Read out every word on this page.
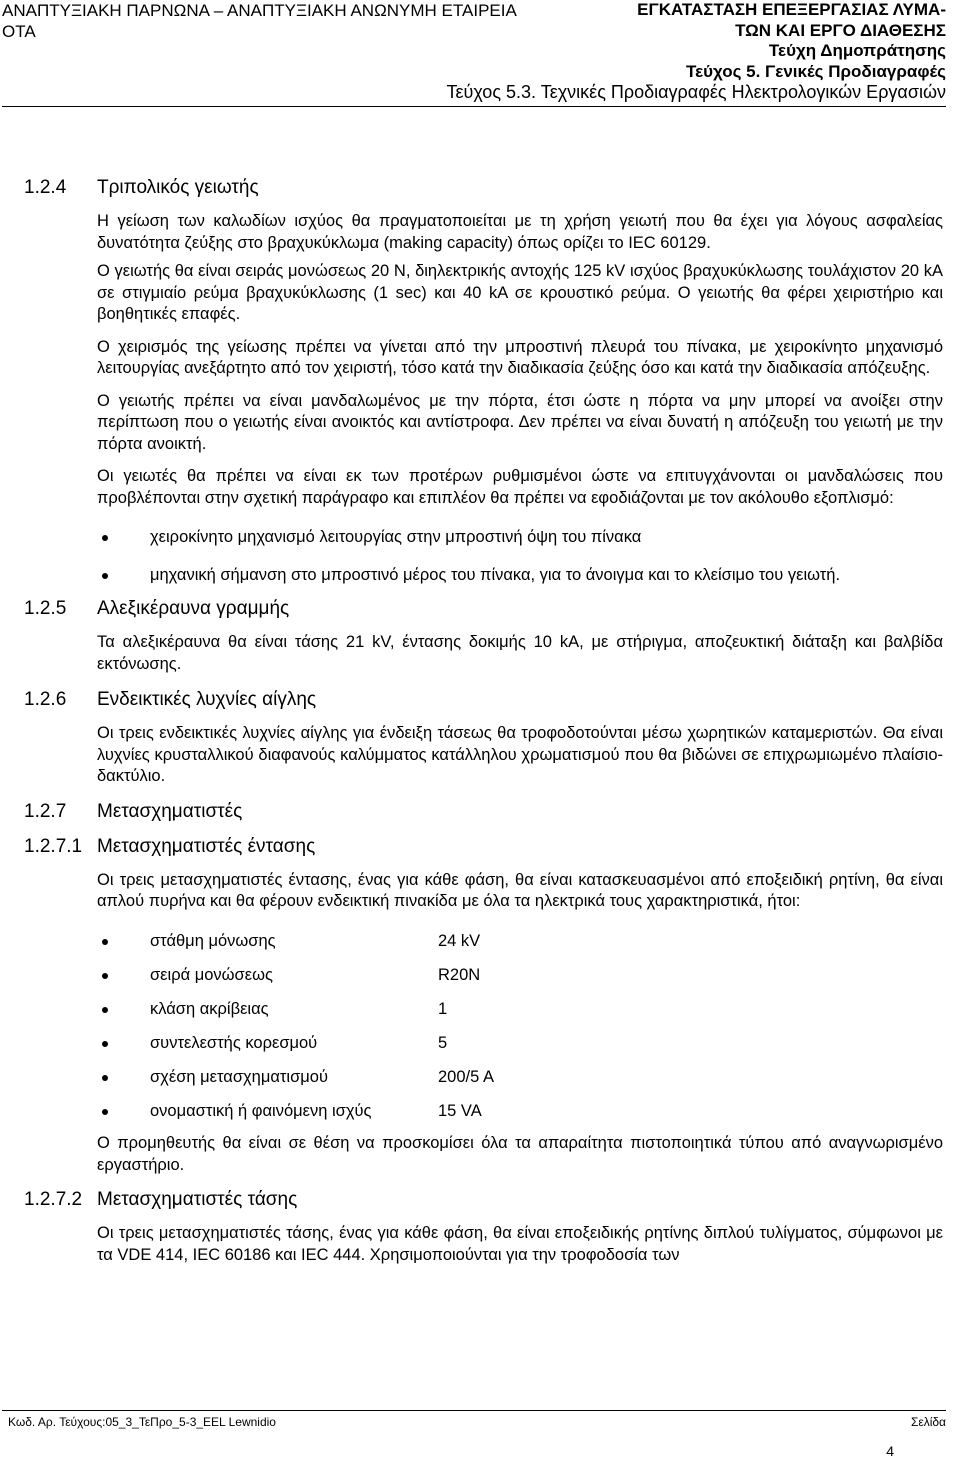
ΑΝΑΠΤΥΞΙΑΚΗ ΠΑΡΝΩΝΑ – ΑΝΑΠΤΥΞΙΑΚΗ ΑΝΩΝΥΜΗ ΕΤΑΙΡΕΙΑ
ΟΤΑ
ΕΓΚΑΤΑΣΤΑΣΗ ΕΠΕΞΕΡΓΑΣΙΑΣ ΛΥΜΑ-
ΤΩΝ ΚΑΙ ΕΡΓΟ ΔΙΑΘΕΣΗΣ
Τεύχη Δημοπράτησης
Τεύχος 5. Γενικές Προδιαγραφές
Τεύχος 5.3. Τεχνικές Προδιαγραφές Ηλεκτρολογικών Εργασιών
1.2.4 Τριπολικός γειωτής

Η γείωση των καλωδίων ισχύος θα πραγματοποιείται με τη χρήση γειωτή που θα έχει για λόγους ασφαλείας δυνατότητα ζεύξης στο βραχυκύκλωμα (making capacity) όπως ορίζει το IEC 60129.

Ο γειωτής θα είναι σειράς μονώσεως 20 Ν, διηλεκτρικής αντοχής 125 kV ισχύος βραχυκύκλωσης τουλάχιστον 20 kA σε στιγμιαίο ρεύμα βραχυκύκλωσης (1 sec) και 40 kA σε κρουστικό ρεύμα. Ο γειωτής θα φέρει χειριστήριο και βοηθητικές επαφές.

Ο χειρισμός της γείωσης πρέπει να γίνεται από την μπροστινή πλευρά του πίνακα, με χειροκίνητο μηχανισμό λειτουργίας ανεξάρτητο από τον χειριστή, τόσο κατά την διαδικασία ζεύξης όσο και κατά την διαδικασία απόζευξης.

Ο γειωτής πρέπει να είναι μανδαλωμένος με την πόρτα, έτσι ώστε η πόρτα να μην μπορεί να ανοίξει στην περίπτωση που ο γειωτής είναι ανοικτός και αντίστροφα. Δεν πρέπει να είναι δυνατή η απόζευξη του γειωτή με την πόρτα ανοικτή.

Οι γειωτές θα πρέπει να είναι εκ των προτέρων ρυθμισμένοι ώστε να επιτυγχάνονται οι μανδαλώσεις που προβλέπονται στην σχετική παράγραφο και επιπλέον θα πρέπει να εφοδιάζονται με τον ακόλουθο εξοπλισμό:

χειροκίνητο μηχανισμό λειτουργίας στην μπροστινή όψη του πίνακα
μηχανική σήμανση στο μπροστινό μέρος του πίνακα, για το άνοιγμα και το κλείσιμο του γειωτή.
1.2.5 Αλεξικέραυνα γραμμής

Τα αλεξικέραυνα θα είναι τάσης 21 kV, έντασης δοκιμής 10 kA, με στήριγμα, αποζευκτική διάταξη και βαλβίδα εκτόνωσης.

1.2.6 Ενδεικτικές λυχνίες αίγλης

Οι τρεις ενδεικτικές λυχνίες αίγλης για ένδειξη τάσεως θα τροφοδοτούνται μέσω χωρητικών καταμεριστών. Θα είναι λυχνίες κρυσταλλικού διαφανούς καλύμματος κατάλληλου χρωματισμού που θα βιδώνει σε επιχρωμιωμένο πλαίσιο-δακτύλιο.

1.2.7 Μετασχηματιστές
1.2.7.1 Μετασχηματιστές έντασης

Οι τρεις μετασχηματιστές έντασης, ένας για κάθε φάση, θα είναι κατασκευασμένοι από εποξειδική ρητίνη, θα είναι απλού πυρήνα και θα φέρουν ενδεικτική πινακίδα με όλα τα ηλεκτρικά τους χαρακτηριστικά, ήτοι:

στάθμη μόνωσης	24 kV
σειρά μονώσεως	R20N
κλάση ακρίβειας	1
συντελεστής κορεσμού	5
σχέση μετασχηματισμού	200/5 A
ονομαστική ή φαινόμενη ισχύς	15 VA

Ο προμηθευτής θα είναι σε θέση να προσκομίσει όλα τα απαραίτητα πιστοποιητικά τύπου από αναγνωρισμένο εργαστήριο.

1.2.7.2 Μετασχηματιστές τάσης

Οι τρεις μετασχηματιστές τάσης, ένας για κάθε φάση, θα είναι εποξειδικής ρητίνης διπλού τυλίγματος, σύμφωνοι με τα VDE 414, IEC 60186 και IEC 444. Χρησιμοποιούνται για την τροφοδοσία των

Κωδ. Αρ. Τεύχους:05_3_ΤεΠρο_5-3_EEL Lewnidio	Σελίδα
4
